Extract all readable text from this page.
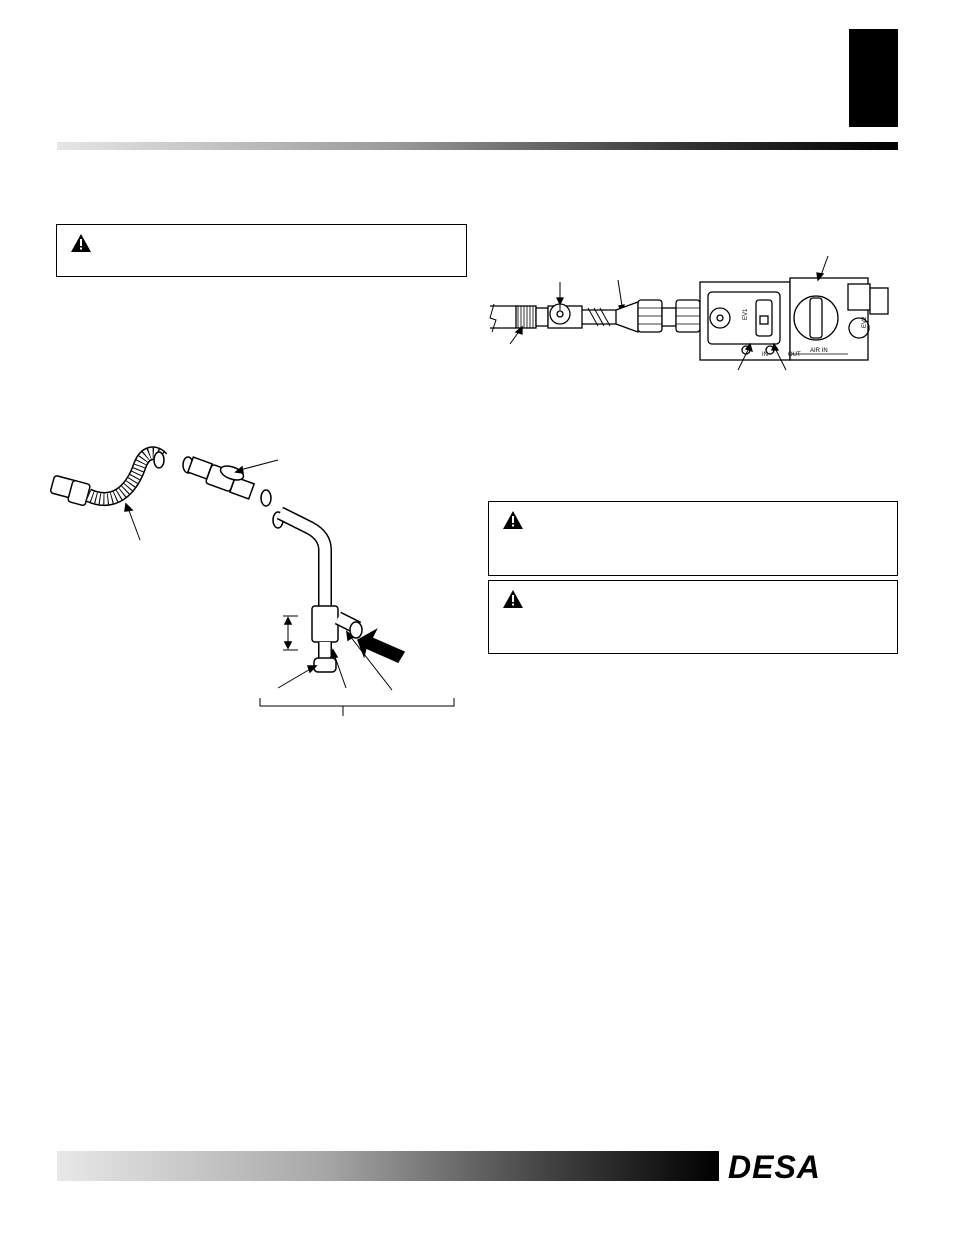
EV1
IN	OUT
AIR IN
EV2
DESA
